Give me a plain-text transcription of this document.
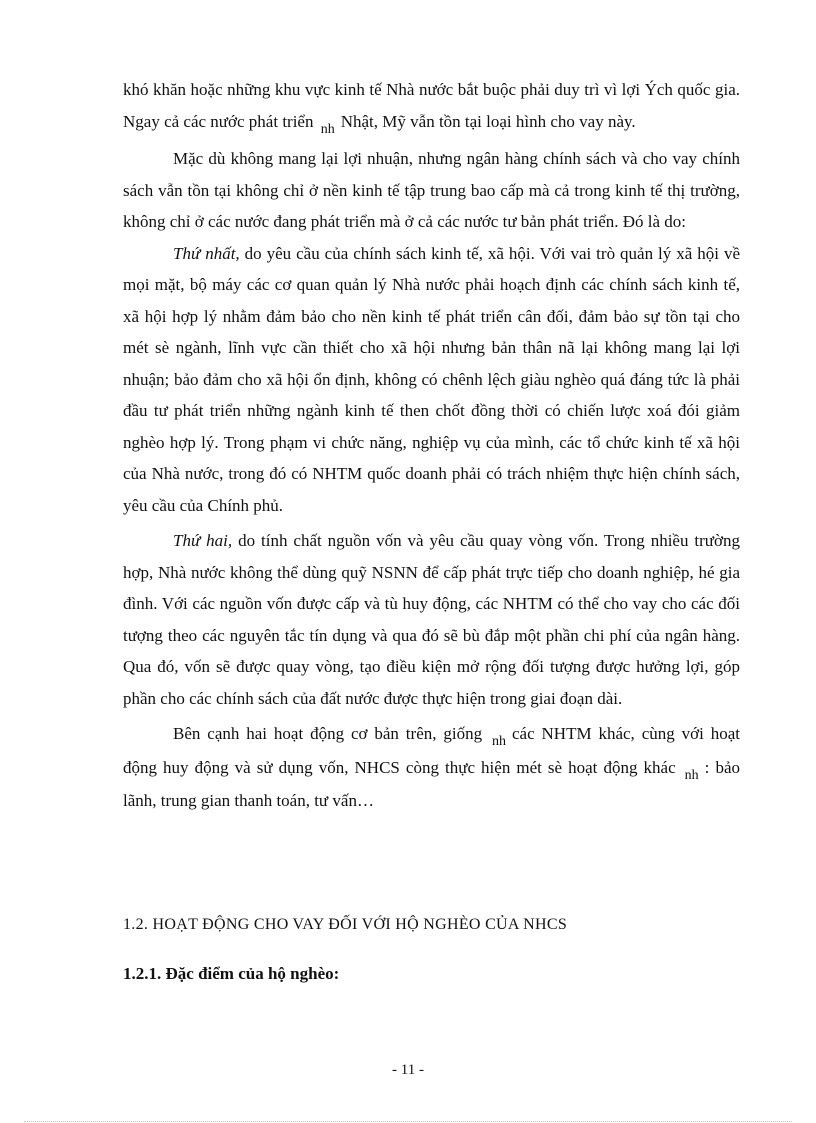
khó khăn hoặc những khu vực kinh tế Nhà nước bắt buộc phải duy trì vì lợi Ých quốc gia. Ngay cả các nước phát triển $_{nh}$ Nhật, Mỹ vẫn tồn tại loại hình cho vay này.

Mặc dù không mang lại lợi nhuận, nhưng ngân hàng chính sách và cho vay chính sách vẫn tồn tại không chỉ ở nền kinh tế tập trung bao cấp mà cả trong kinh tế thị trường, không chỉ ở các nước đang phát triển mà ở cả các nước tư bản phát triển. Đó là do:

Thứ nhất, do yêu cầu của chính sách kinh tế, xã hội. Với vai trò quản lý xã hội về mọi mặt, bộ máy các cơ quan quản lý Nhà nước phải hoạch định các chính sách kinh tế, xã hội hợp lý nhằm đảm bảo cho nền kinh tế phát triển cân đối, đảm bảo sự tồn tại cho mét sè ngành, lĩnh vực cần thiết cho xã hội nhưng bản thân nã lại không mang lại lợi nhuận; bảo đảm cho xã hội ổn định, không có chênh lệch giàu nghèo quá đáng tức là phải đầu tư phát triển những ngành kinh tế then chốt đồng thời có chiến lược xoá đói giảm nghèo hợp lý. Trong phạm vi chức năng, nghiệp vụ của mình, các tổ chức kinh tế xã hội của Nhà nước, trong đó có NHTM quốc doanh phải có trách nhiệm thực hiện chính sách, yêu cầu của Chính phủ.

Thứ hai, do tính chất nguồn vốn và yêu cầu quay vòng vốn. Trong nhiều trường hợp, Nhà nước không thể dùng quỹ NSNN để cấp phát trực tiếp cho doanh nghiệp, hé gia đình. Với các nguồn vốn được cấp và tù huy động, các NHTM có thể cho vay cho các đối tượng theo các nguyên tắc tín dụng và qua đó sẽ bù đắp một phần chi phí của ngân hàng. Qua đó, vốn sẽ được quay vòng, tạo điều kiện mở rộng đối tượng được hưởng lợi, góp phần cho các chính sách của đất nước được thực hiện trong giai đoạn dài.

Bên cạnh hai hoạt động cơ bản trên, giống $_{nh}$ các NHTM khác, cùng với hoạt động huy động và sử dụng vốn, NHCS còng thực hiện mét sè hoạt động khác $_{nh}$ : bảo lãnh, trung gian thanh toán, tư vấn…

1.2. HOẠT ĐỘNG CHO VAY ĐỐI VỚI HỘ NGHÈO CỦA NHCS

1.2.1. Đặc điểm của hộ nghèo:

- 11 -
